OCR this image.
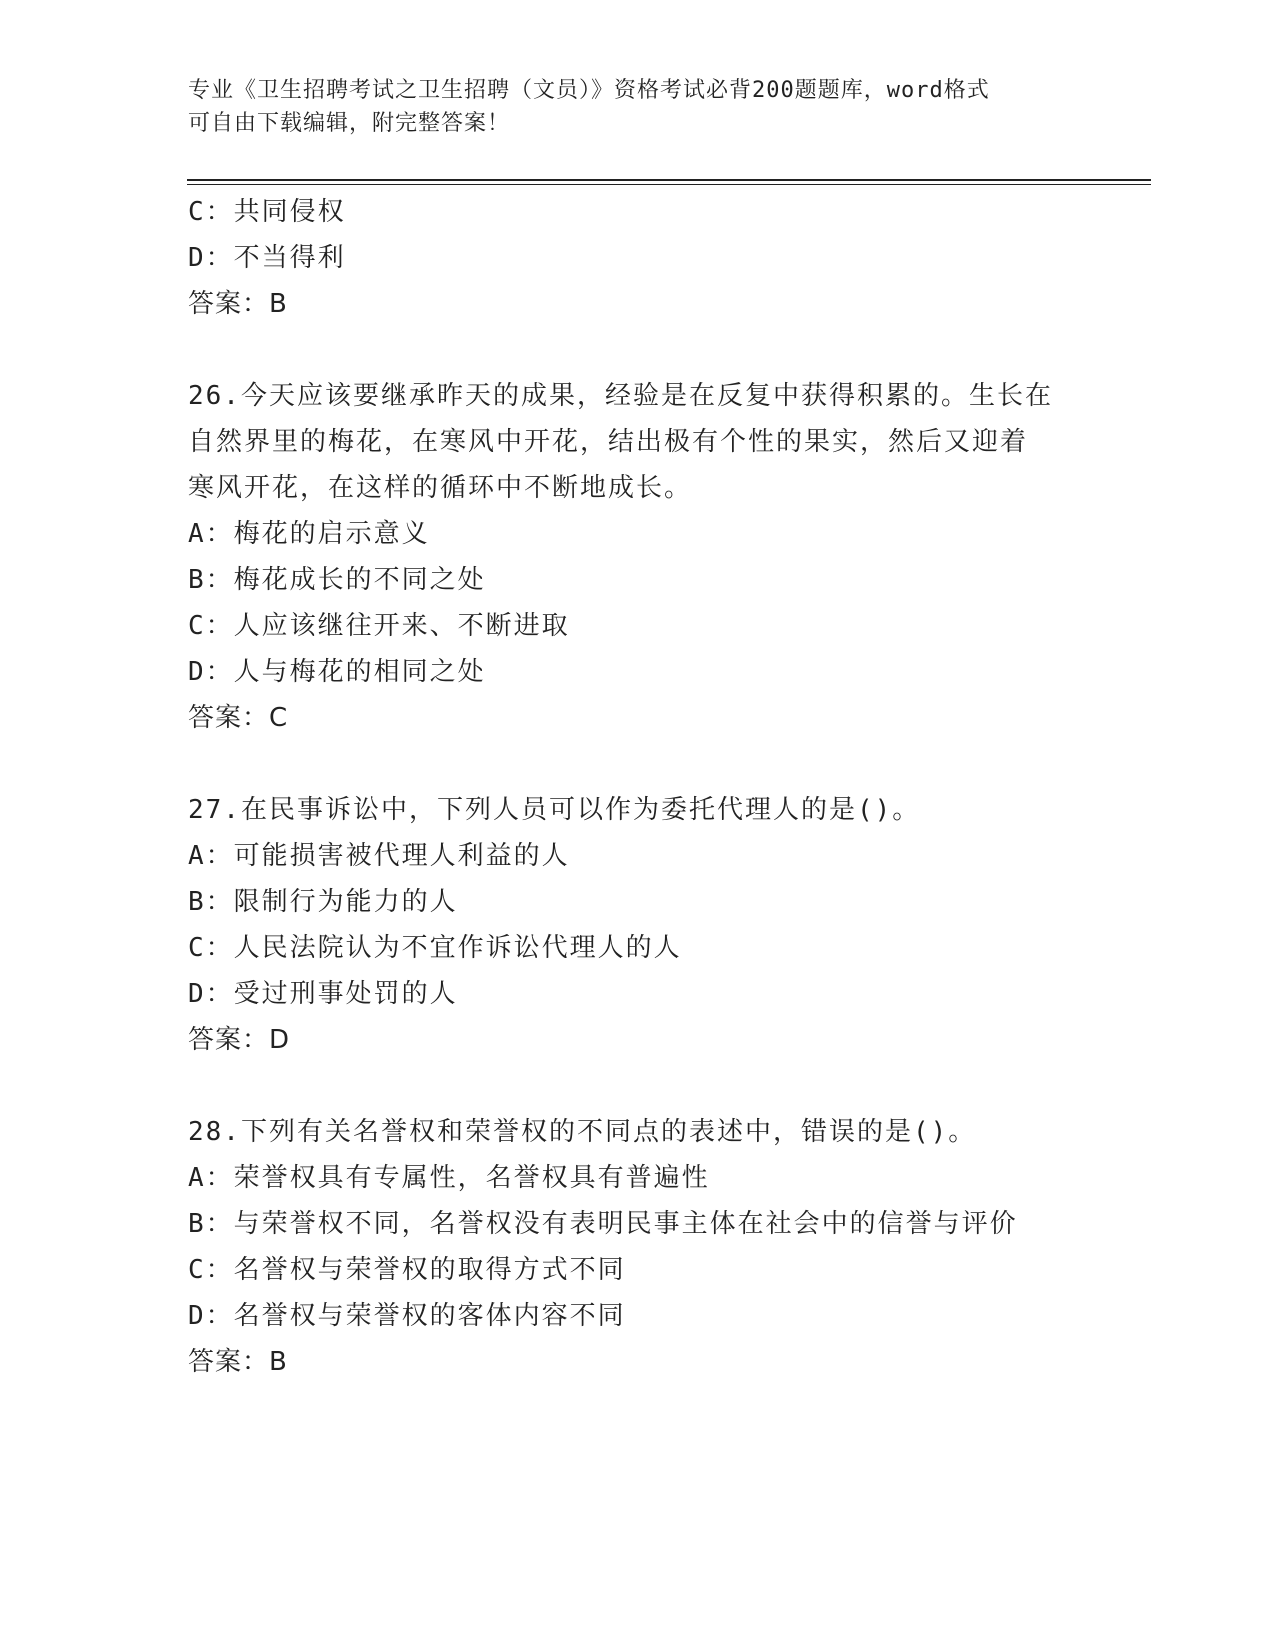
专业《卫生招聘考试之卫生招聘（文员）》资格考试必背200题题库，word格式
可自由下载编辑，附完整答案！
C：共同侵权
D：不当得利
答案：B
26.今天应该要继承昨天的成果，经验是在反复中获得积累的。生长在
自然界里的梅花，在寒风中开花，结出极有个性的果实，然后又迎着
寒风开花，在这样的循环中不断地成长。
A：梅花的启示意义
B：梅花成长的不同之处
C：人应该继往开来、不断进取
D：人与梅花的相同之处
答案：C
27.在民事诉讼中，下列人员可以作为委托代理人的是()。
A：可能损害被代理人利益的人
B：限制行为能力的人
C：人民法院认为不宜作诉讼代理人的人
D：受过刑事处罚的人
答案：D
28.下列有关名誉权和荣誉权的不同点的表述中，错误的是()。
A：荣誉权具有专属性，名誉权具有普遍性
B：与荣誉权不同，名誉权没有表明民事主体在社会中的信誉与评价
C：名誉权与荣誉权的取得方式不同
D：名誉权与荣誉权的客体内容不同
答案：B
